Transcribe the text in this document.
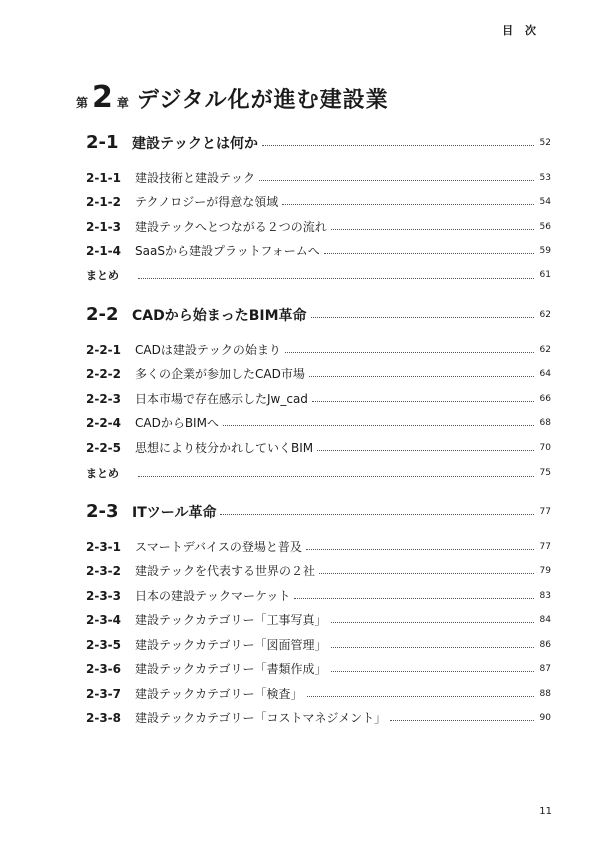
目 次
第 2 章 デジタル化が進む建設業
2-1 建設テックとは何か	52
2-1-1 建設技術と建設テック	53
2-1-2 テクノロジーが得意な領域	54
2-1-3 建設テックへとつながる２つの流れ	56
2-1-4 SaaSから建設プラットフォームへ	59
まとめ	61
2-2 CADから始まったBIM革命	62
2-2-1 CADは建設テックの始まり	62
2-2-2 多くの企業が参加したCAD市場	64
2-2-3 日本市場で存在感示したJw_cad	66
2-2-4 CADからBIMへ	68
2-2-5 思想により枝分かれしていくBIM	70
まとめ	75
2-3 ITツール革命	77
2-3-1 スマートデバイスの登場と普及	77
2-3-2 建設テックを代表する世界の２社	79
2-3-3 日本の建設テックマーケット	83
2-3-4 建設テックカテゴリー「工事写真」	84
2-3-5 建設テックカテゴリー「図面管理」	86
2-3-6 建設テックカテゴリー「書類作成」	87
2-3-7 建設テックカテゴリー「検査」	88
2-3-8 建設テックカテゴリー「コストマネジメント」	90
11
